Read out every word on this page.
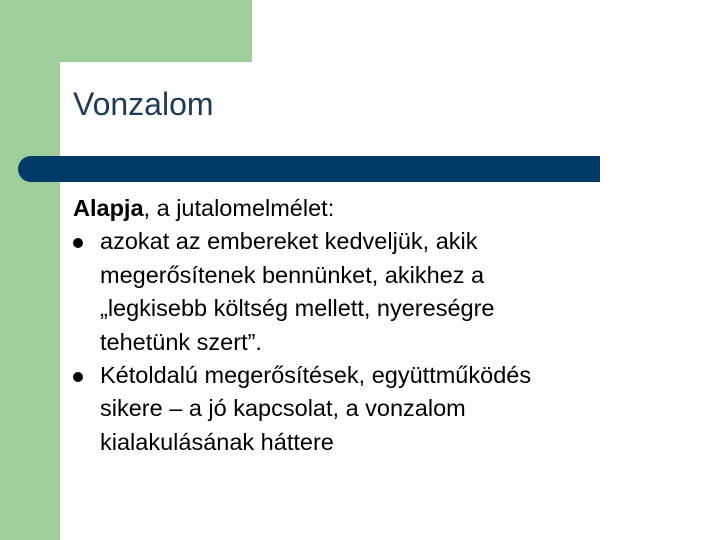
Vonzalom

Alapja, a jutalomelmélet:

azokat az embereket kedveljük, akik
megerősítenek bennünket, akikhez a
„legkisebb költség mellett, nyereségre
tehetünk szert”.
Kétoldalú megerősítések, együttműködés
sikere – a jó kapcsolat, a vonzalom
kialakulásának háttere
